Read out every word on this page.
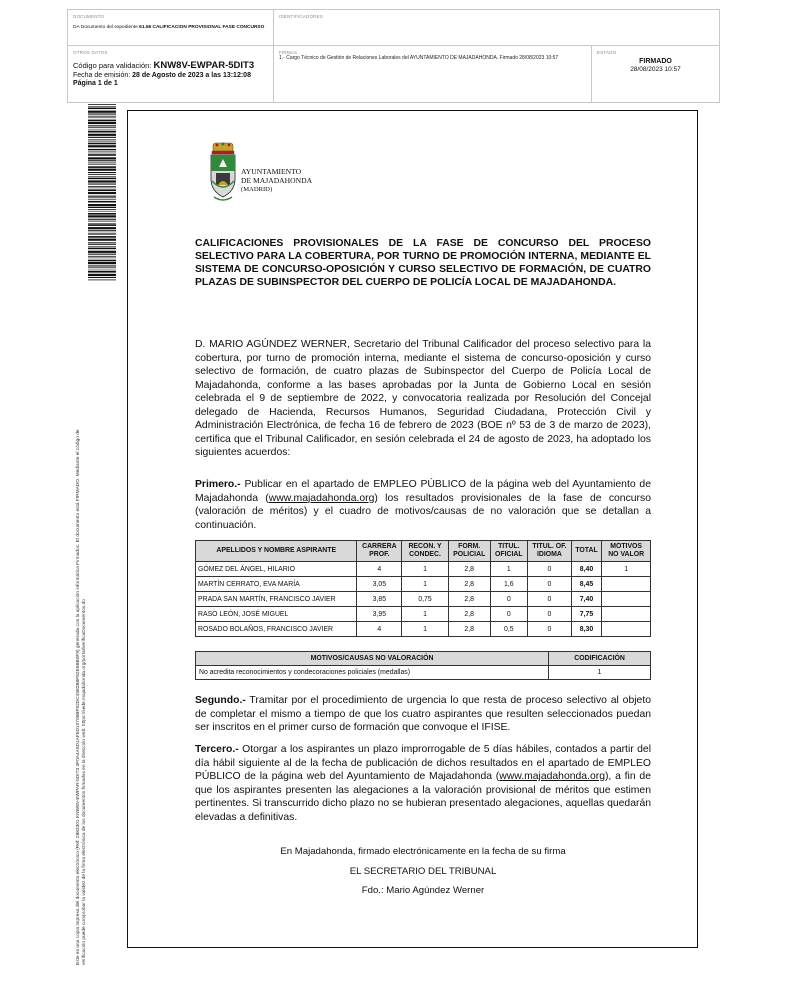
DOCUMENTO
DA Documento del expediente 61.56 CALIFICACION PROVISIONAL FASE CONCURSO
IDENTIFICADORES
OTROS DATOS
Código para validación: KNW8V-EWPAR-5DIT3
Fecha de emisión: 28 de Agosto de 2023 a las 13:12:08
Página 1 de 1
FIRMAS
1.- Cargo Técnico de Gestión de Relaciones Laborales del AYUNTAMIENTO DE MAJADAHONDA. Firmado 28/08/2023 10:57
ESTADO
FIRMADO
28/08/2023 10:57
Este es una copia impresa del documento electrónico (Ref: 2883301 KNW8V-EWPAR-5DIT3 3F0A4A5D1AF6D10706BF92DC4982B8F82E5BB0F9) generada con la aplicación informática Firmadoc. El documento está FIRMADO. Mediante el código de verificación puede comprobar la validez de la firma electrónica de los documentos firmados en la dirección web: https://sede.majadahonda.org/portal/verificaDocumentos.do
AYUNTAMIENTO
DE MAJADAHONDA
(MADRID)
CALIFICACIONES PROVISIONALES DE LA FASE DE CONCURSO DEL PROCESO SELECTIVO PARA LA COBERTURA, POR TURNO DE PROMOCIÓN INTERNA, MEDIANTE EL SISTEMA DE CONCURSO-OPOSICIÓN Y CURSO SELECTIVO DE FORMACIÓN, DE CUATRO PLAZAS DE SUBINSPECTOR DEL CUERPO DE POLICÍA LOCAL DE MAJADAHONDA.
D. MARIO AGÚNDEZ WERNER, Secretario del Tribunal Calificador del proceso selectivo para la cobertura, por turno de promoción interna, mediante el sistema de concurso-oposición y curso selectivo de formación, de cuatro plazas de Subinspector del Cuerpo de Policía Local de Majadahonda, conforme a las bases aprobadas por la Junta de Gobierno Local en sesión celebrada el 9 de septiembre de 2022, y convocatoria realizada por Resolución del Concejal delegado de Hacienda, Recursos Humanos, Seguridad Ciudadana, Protección Civil y Administración Electrónica, de fecha 16 de febrero de 2023 (BOE nº 53 de 3 de marzo de 2023), certifica que el Tribunal Calificador, en sesión celebrada el 24 de agosto de 2023, ha adoptado los siguientes acuerdos:
Primero.- Publicar en el apartado de EMPLEO PÚBLICO de la página web del Ayuntamiento de Majadahonda (www.majadahonda.org) los resultados provisionales de la fase de concurso (valoración de méritos) y el cuadro de motivos/causas de no valoración que se detallan a continuación.
APELLIDOS Y NOMBRE ASPIRANTE	CARRERA PROF.	RECON. Y CONDEC.	FORM. POLICIAL	TITUL. OFICIAL	TITUL. OF. IDIOMA	TOTAL	MOTIVOS NO VALOR
GÓMEZ DEL ÁNGEL, HILARIO	4	1	2,8	1	0	8,40	1
MARTÍN CERRATO, EVA MARÍA	3,05	1	2,8	1,6	0	8,45	
PRADA SAN MARTÍN, FRANCISCO JAVIER	3,85	0,75	2,8	0	0	7,40	
RASO LEÓN, JOSÉ MIGUEL	3,95	1	2,8	0	0	7,75	
ROSADO BOLAÑOS, FRANCISCO JAVIER	4	1	2,8	0,5	0	8,30	
MOTIVOS/CAUSAS NO VALORACIÓN	CODIFICACIÓN
No acredita reconocimientos y condecoraciones policiales (medallas)	1
Segundo.- Tramitar por el procedimiento de urgencia lo que resta de proceso selectivo al objeto de completar el mismo a tiempo de que los cuatro aspirantes que resulten seleccionados puedan ser inscritos en el primer curso de formación que convoque el IFISE.
Tercero.- Otorgar a los aspirantes un plazo improrrogable de 5 días hábiles, contados a partir del día hábil siguiente al de la fecha de publicación de dichos resultados en el apartado de EMPLEO PÚBLICO de la página web del Ayuntamiento de Majadahonda (www.majadahonda.org), a fin de que los aspirantes presenten las alegaciones a la valoración provisional de méritos que estimen pertinentes. Si transcurrido dicho plazo no se hubieran presentado alegaciones, aquellas quedarán elevadas a definitivas.
En Majadahonda, firmado electrónicamente en la fecha de su firma
EL SECRETARIO DEL TRIBUNAL
Fdo.: Mario Agúndez Werner
